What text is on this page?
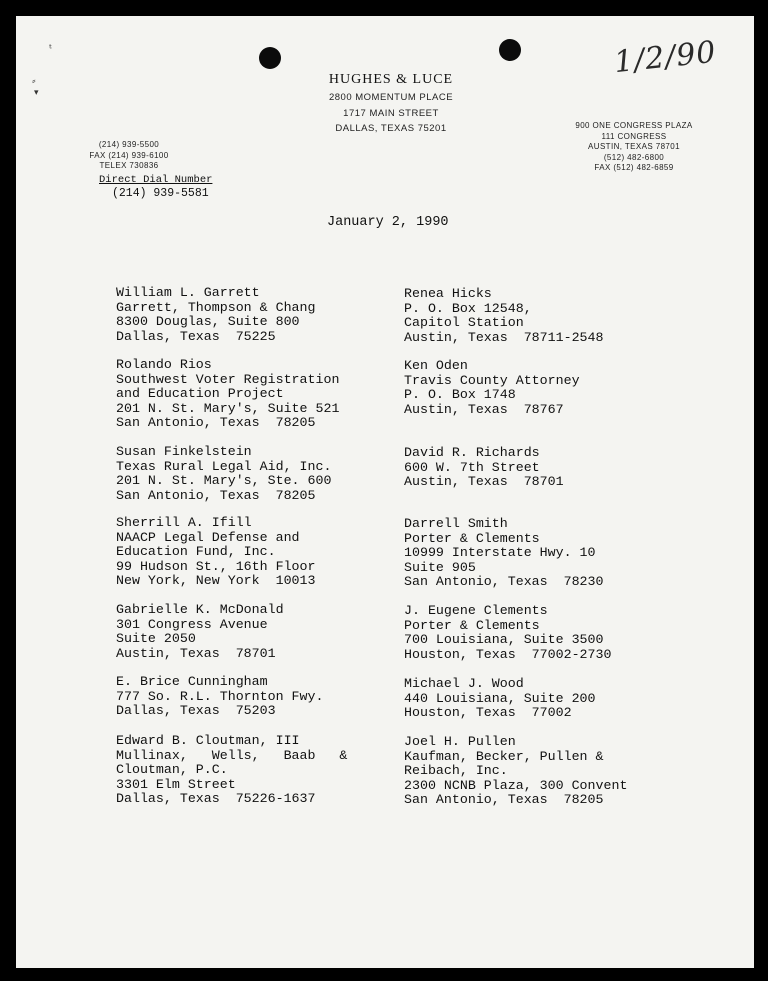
ᵗ
⸗
▾
1/2/90
HUGHES & LUCE
2800 MOMENTUM PLACE
1717 MAIN STREET
DALLAS, TEXAS 75201
(214) 939-5500
FAX (214) 939-6100
TELEX 730836
900 ONE CONGRESS PLAZA
111 CONGRESS
AUSTIN, TEXAS 78701
(512) 482-6800
FAX (512) 482-6859
Direct Dial Number
(214) 939-5581
January 2, 1990
William L. Garrett
Garrett, Thompson & Chang
8300 Douglas, Suite 800
Dallas, Texas  75225
Rolando Rios
Southwest Voter Registration
and Education Project
201 N. St. Mary's, Suite 521
San Antonio, Texas  78205
Susan Finkelstein
Texas Rural Legal Aid, Inc.
201 N. St. Mary's, Ste. 600
San Antonio, Texas  78205
Sherrill A. Ifill
NAACP Legal Defense and
Education Fund, Inc.
99 Hudson St., 16th Floor
New York, New York  10013
Gabrielle K. McDonald
301 Congress Avenue
Suite 2050
Austin, Texas  78701
E. Brice Cunningham
777 So. R.L. Thornton Fwy.
Dallas, Texas  75203
Edward B. Cloutman, III
Mullinax,   Wells,   Baab   &
Cloutman, P.C.
3301 Elm Street
Dallas, Texas  75226-1637
Renea Hicks
P. O. Box 12548,
Capitol Station
Austin, Texas  78711-2548
Ken Oden
Travis County Attorney
P. O. Box 1748
Austin, Texas  78767
David R. Richards
600 W. 7th Street
Austin, Texas  78701
Darrell Smith
Porter & Clements
10999 Interstate Hwy. 10
Suite 905
San Antonio, Texas  78230
J. Eugene Clements
Porter & Clements
700 Louisiana, Suite 3500
Houston, Texas  77002-2730
Michael J. Wood
440 Louisiana, Suite 200
Houston, Texas  77002
Joel H. Pullen
Kaufman, Becker, Pullen &
Reibach, Inc.
2300 NCNB Plaza, 300 Convent
San Antonio, Texas  78205
